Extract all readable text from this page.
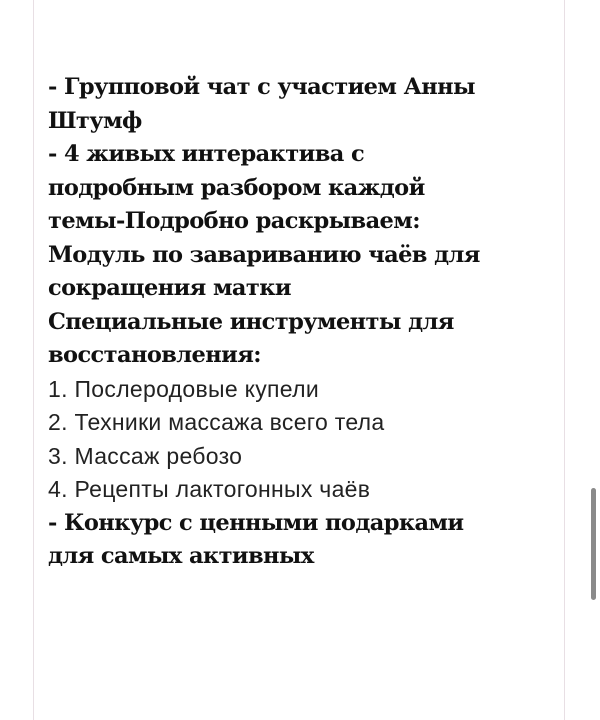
- Групповой чат с участием Анны
Штумф
- 4 живых интерактива с
подробным разбором каждой
темы-Подробно раскрываем:
Модуль по завариванию чаёв для
сокращения матки
Специальные инструменты для
восстановления:
1. Послеродовые купели
2. Техники массажа всего тела
3. Массаж ребозо
4. Рецепты лактогонных чаёв
- Конкурс с ценными подарками
для самых активных
